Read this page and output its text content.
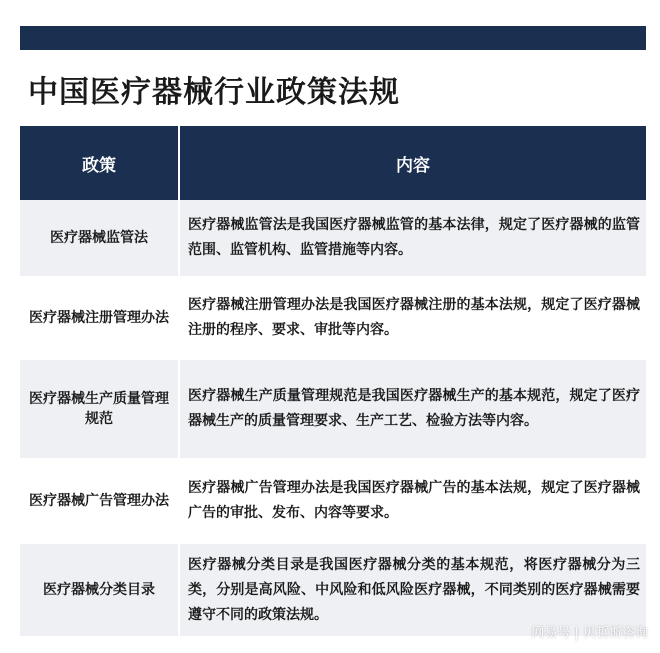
中国医疗器械行业政策法规
政策	内容
医疗器械监管法	医疗器械监管法是我国医疗器械监管的基本法律，规定了医疗器械的监管范围、监管机构、监管措施等内容。
医疗器械注册管理办法	医疗器械注册管理办法是我国医疗器械注册的基本法规，规定了医疗器械注册的程序、要求、审批等内容。
医疗器械生产质量管理规范	医疗器械生产质量管理规范是我国医疗器械生产的基本规范，规定了医疗器械生产的质量管理要求、生产工艺、检验方法等内容。
医疗器械广告管理办法	医疗器械广告管理办法是我国医疗器械广告的基本法规，规定了医疗器械广告的审批、发布、内容等要求。
医疗器械分类目录	医疗器械分类目录是我国医疗器械分类的基本规范，将医疗器械分为三类，分别是高风险、中风险和低风险医疗器械，不同类别的医疗器械需要遵守不同的政策法规。
网易号 | 贝哲斯咨询
